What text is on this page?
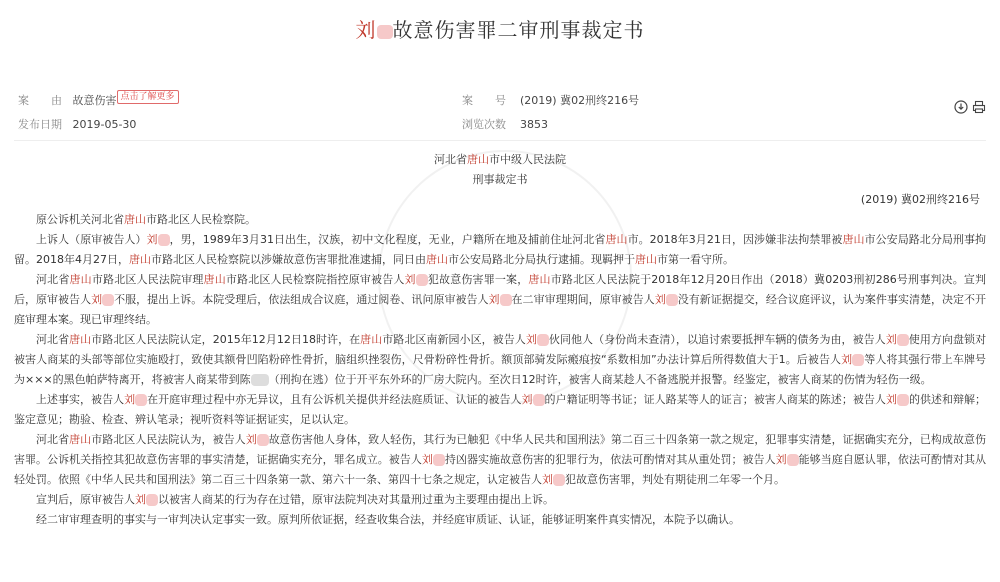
刘 故意伤害罪二审刑事裁定书
案　　由 故意伤害 点击了解更多	案　　号 (2019) 冀02刑终216号
发布日期 2019-05-30	浏览次数 3853
河北省唐山市中级人民法院
刑事裁定书
(2019) 冀02刑终216号

原公诉机关河北省唐山市路北区人民检察院。

上诉人（原审被告人）刘 ，男，1989年3月31日出生，汉族，初中文化程度，无业，户籍所在地及捕前住址河北省唐山市。2018年3月21日，因涉嫌非法拘禁罪被唐山市公安局路北分局刑事拘留。2018年4月27日，唐山市路北区人民检察院以涉嫌故意伤害罪批准逮捕，同日由唐山市公安局路北分局执行逮捕。现羁押于唐山市第一看守所。

河北省唐山市路北区人民法院审理唐山市路北区人民检察院指控原审被告人刘 犯故意伤害罪一案，唐山市路北区人民法院于2018年12月20日作出（2018）冀0203刑初286号刑事判决。宣判后，原审被告人刘 不服，提出上诉。本院受理后，依法组成合议庭，通过阅卷、讯问原审被告人刘 在二审审理期间，原审被告人刘 没有新证据提交，经合议庭评议，认为案件事实清楚，决定不开庭审理本案。现已审理终结。

河北省唐山市路北区人民法院认定，2015年12月12日18时许，在唐山市路北区南新园小区，被告人刘 伙同他人（身份尚未查清），以追讨索要抵押车辆的债务为由，被告人刘 使用方向盘锁对被害人商某的头部等部位实施殴打，致使其额骨凹陷粉碎性骨折，脑组织挫裂伤，尺骨粉碎性骨折。额顶部骑发际瘢痕按“系数相加”办法计算后所得数值大于1。后被告人刘 等人将其强行带上车牌号为×××的黑色帕萨特离开，将被害人商某带到陈 （刑拘在逃）位于开平东外环的厂房大院内。至次日12时许，被害人商某趁人不备逃脱并报警。经鉴定，被害人商某的伤情为轻伤一级。

上述事实，被告人刘 在开庭审理过程中亦无异议，且有公诉机关提供并经法庭质证、认证的被告人刘 的户籍证明等书证；证人路某等人的证言；被害人商某的陈述；被告人刘 的供述和辩解；鉴定意见；勘验、检查、辨认笔录；视听资料等证据证实，足以认定。

河北省唐山市路北区人民法院认为，被告人刘 故意伤害他人身体，致人轻伤，其行为已触犯《中华人民共和国刑法》第二百三十四条第一款之规定，犯罪事实清楚，证据确实充分，已构成故意伤害罪。公诉机关指控其犯故意伤害罪的事实清楚，证据确实充分，罪名成立。被告人刘 持凶器实施故意伤害的犯罪行为，依法可酌情对其从重处罚；被告人刘 能够当庭自愿认罪，依法可酌情对其从轻处罚。依照《中华人民共和国刑法》第二百三十四条第一款、第六十一条、第四十七条之规定，认定被告人刘 犯故意伤害罪，判处有期徒刑二年零一个月。

宣判后，原审被告人刘 以被害人商某的行为存在过错，原审法院判决对其量刑过重为主要理由提出上诉。

经二审审理查明的事实与一审判决认定事实一致。原判所依证据，经查收集合法，并经庭审质证、认证，能够证明案件真实情况，本院予以确认。
